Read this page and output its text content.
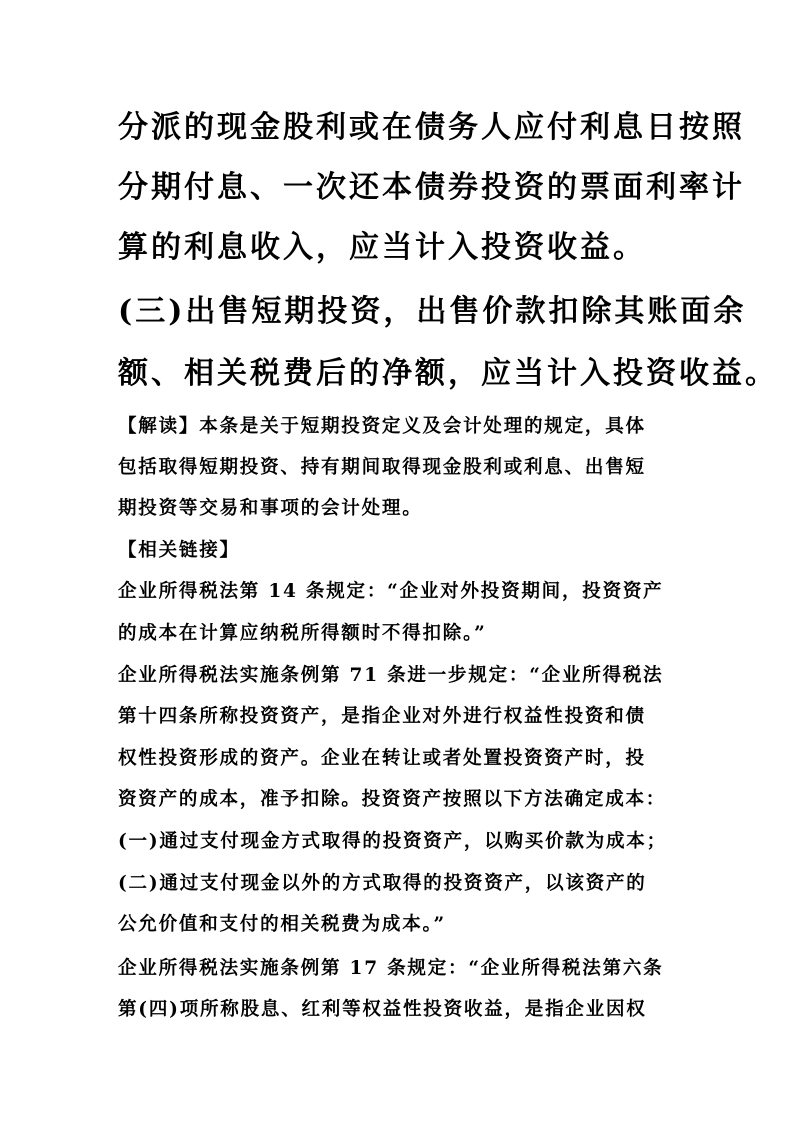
分派的现金股利或在债务人应付利息日按照

分期付息、一次还本债券投资的票面利率计

算的利息收入，应当计入投资收益。

(三)出售短期投资，出售价款扣除其账面余

额、相关税费后的净额，应当计入投资收益。

【解读】本条是关于短期投资定义及会计处理的规定，具体

包括取得短期投资、持有期间取得现金股利或利息、出售短

期投资等交易和事项的会计处理。

【相关链接】

企业所得税法第 14 条规定：“企业对外投资期间，投资资产

的成本在计算应纳税所得额时不得扣除。”

企业所得税法实施条例第 71 条进一步规定：“企业所得税法

第十四条所称投资资产，是指企业对外进行权益性投资和债

权性投资形成的资产。企业在转让或者处置投资资产时，投

资资产的成本，准予扣除。投资资产按照以下方法确定成本：

(一)通过支付现金方式取得的投资资产，以购买价款为成本；

(二)通过支付现金以外的方式取得的投资资产，以该资产的

公允价值和支付的相关税费为成本。”

企业所得税法实施条例第 17 条规定：“企业所得税法第六条

第(四)项所称股息、红利等权益性投资收益，是指企业因权
